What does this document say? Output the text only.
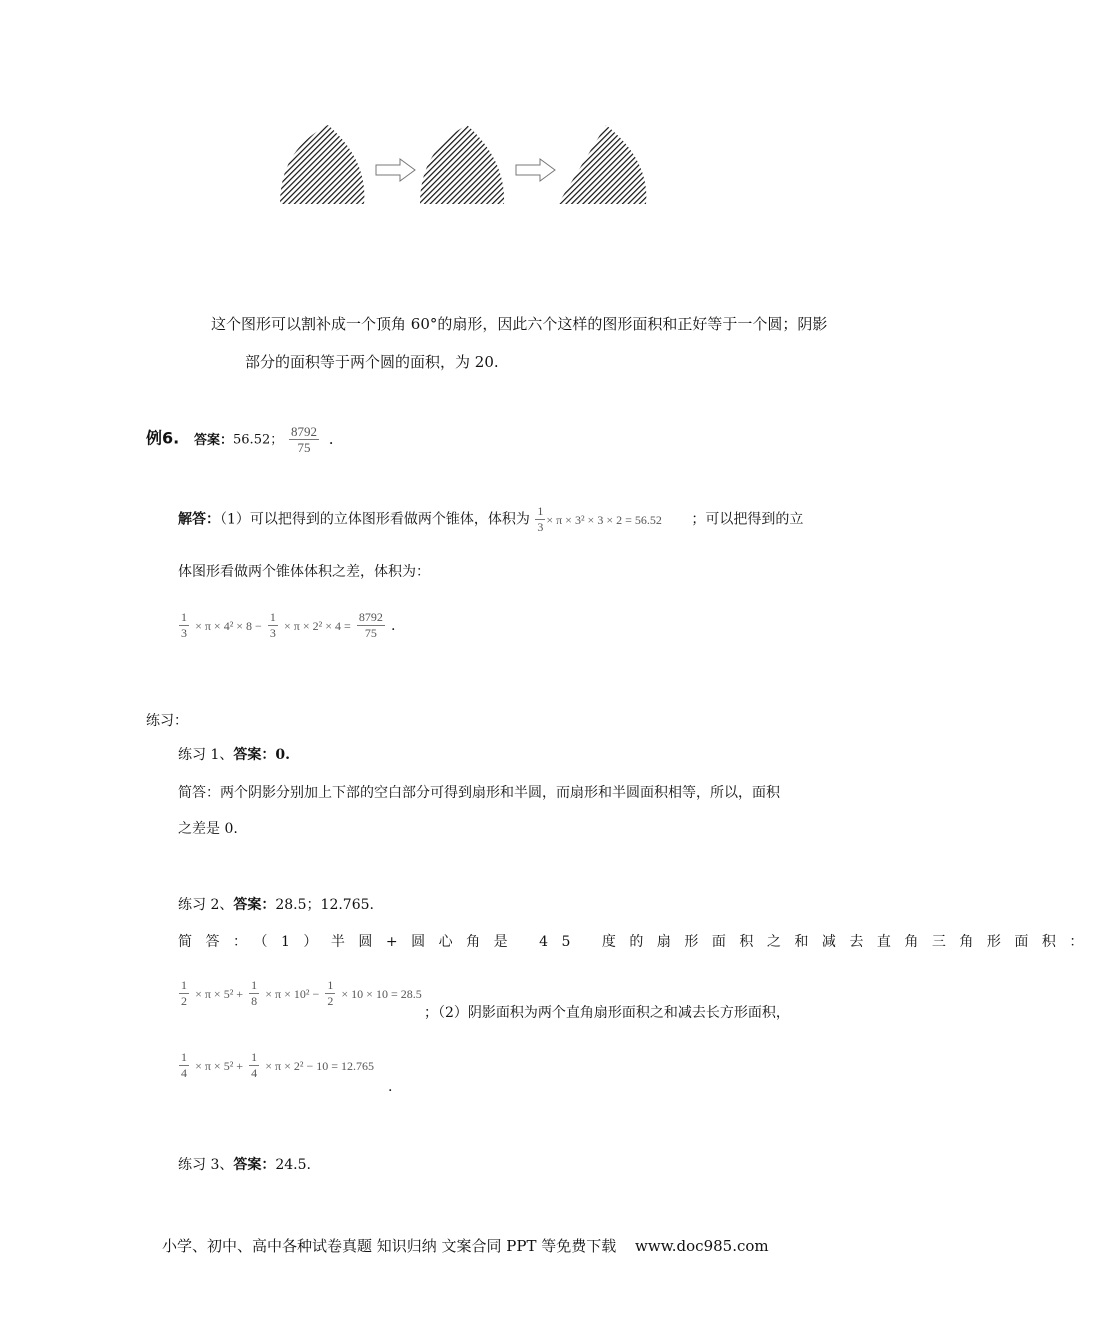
这个图形可以割补成一个顶角 60°的扇形，因此六个这样的图形面积和正好等于一个圆；阴影
部分的面积等于两个圆的面积，为 20.
例6. 答案：56.52； $\frac{8792}{75}$ .
解答：（1）可以把得到的立体图形看做两个锥体，体积为 $\frac{1}{3} \times \pi \times 3^2 \times 3 \times 2 = 56.52$ ；可以把得到的立
体图形看做两个锥体体积之差，体积为：
$\frac{1}{3} \times \pi \times 4^2 \times 8 - \frac{1}{3} \times \pi \times 2^2 \times 4 = \frac{8792}{75}$ .
练习：
练习 1、答案：0.
简答：两个阴影分别加上下部的空白部分可得到扇形和半圆，而扇形和半圆面积相等，所以，面积
之差是 0.
练习 2、答案：28.5；12.765.
简答：（1）半圆+圆心角是 45 度的扇形面积之和减去直角三角形面积：
$\frac{1}{2} \times \pi \times 5^2 + \frac{1}{8} \times \pi \times 10^2 - \frac{1}{2} \times 10 \times 10 = 28.5$
；（2）阴影面积为两个直角扇形面积之和减去长方形面积，
$\frac{1}{4} \times \pi \times 5^2 + \frac{1}{4} \times \pi \times 2^2 - 10 = 12.765$
.
练习 3、答案：24.5.
小学、初中、高中各种试卷真题 知识归纳 文案合同 PPT 等免费下载 www.doc985.com
